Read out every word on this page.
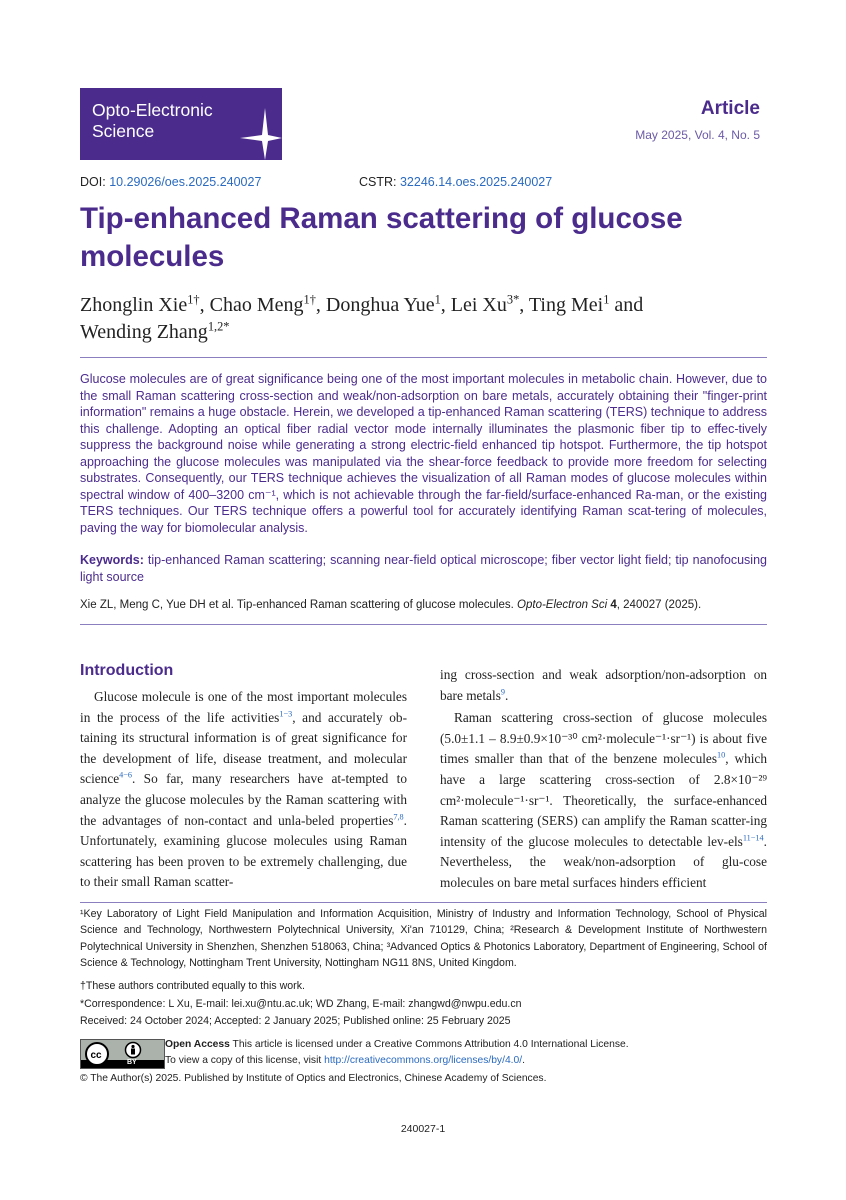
Opto-Electronic
Science
Article
May 2025, Vol. 4, No. 5
DOI: 10.29026/oes.2025.240027	CSTR: 32246.14.oes.2025.240027
Tip-enhanced Raman scattering of glucose molecules
Zhonglin Xie$^{1\dagger}$, Chao Meng$^{1\dagger}$, Donghua Yue$^1$, Lei $Xu^{3*}$, Ting Mei$^1$ and
Wending Zhang$^{1,2*}$
Glucose molecules are of great significance being one of the most important molecules in metabolic chain. However, due to the small Raman scattering cross-section and weak/non-adsorption on bare metals, accurately obtaining their "finger-print information" remains a huge obstacle. Herein, we developed a tip-enhanced Raman scattering (TERS) technique to address this challenge. Adopting an optical fiber radial vector mode internally illuminates the plasmonic fiber tip to effec-tively suppress the background noise while generating a strong electric-field enhanced tip hotspot. Furthermore, the tip hotspot approaching the glucose molecules was manipulated via the shear-force feedback to provide more freedom for selecting substrates. Consequently, our TERS technique achieves the visualization of all Raman modes of glucose molecules within spectral window of 400–3200 cm⁻¹, which is not achievable through the far-field/surface-enhanced Ra-man, or the existing TERS techniques. Our TERS technique offers a powerful tool for accurately identifying Raman scat-tering of molecules, paving the way for biomolecular analysis.
Keywords: tip-enhanced Raman scattering; scanning near-field optical microscope; fiber vector light field; tip nanofocusing light source
Xie ZL, Meng C, Yue DH et al. Tip-enhanced Raman scattering of glucose molecules. Opto-Electron Sci 4, 240027 (2025).
Introduction

Glucose molecule is one of the most important molecules in the process of the life activities$^{1-3}$, and accurately ob-taining its structural information is of great significance for the development of life, disease treatment, and molecular science$^{4-6}$. So far, many researchers have at-tempted to analyze the glucose molecules by the Raman scattering with the advantages of non-contact and unla-beled properties$^{7,8}$. Unfortunately, examining glucose molecules using Raman scattering has been proven to be extremely challenging, due to their small Raman scatter-

ing cross-section and weak adsorption/non-adsorption on bare metals$^9$.

Raman scattering cross-section of glucose molecules (5.0±1.1 – 8.9±0.9×10⁻³⁰ cm²·molecule⁻¹·sr⁻¹) is about five times smaller than that of the benzene molecules$^{10}$, which have a large scattering cross-section of 2.8×10⁻²⁹ cm²·molecule⁻¹·sr⁻¹. Theoretically, the surface-enhanced Raman scattering (SERS) can amplify the Raman scatter-ing intensity of the glucose molecules to detectable lev-els$^{11-14}$. Nevertheless, the weak/non-adsorption of glu-cose molecules on bare metal surfaces hinders efficient

¹Key Laboratory of Light Field Manipulation and Information Acquisition, Ministry of Industry and Information Technology, School of Physical Science and Technology, Northwestern Polytechnical University, Xi'an 710129, China; ²Research & Development Institute of Northwestern Polytechnical University in Shenzhen, Shenzhen 518063, China; ³Advanced Optics & Photonics Laboratory, Department of Engineering, School of Science & Technology, Nottingham Trent University, Nottingham NG11 8NS, United Kingdom.
†These authors contributed equally to this work.
*Correspondence: L Xu, E-mail: lei.xu@ntu.ac.uk; WD Zhang, E-mail: zhangwd@nwpu.edu.cn
Received: 24 October 2024; Accepted: 2 January 2025; Published online: 25 February 2025
cc
BY
Open Access This article is licensed under a Creative Commons Attribution 4.0 International License.
To view a copy of this license, visit http://creativecommons.org/licenses/by/4.0/.
© The Author(s) 2025. Published by Institute of Optics and Electronics, Chinese Academy of Sciences.
240027-1
